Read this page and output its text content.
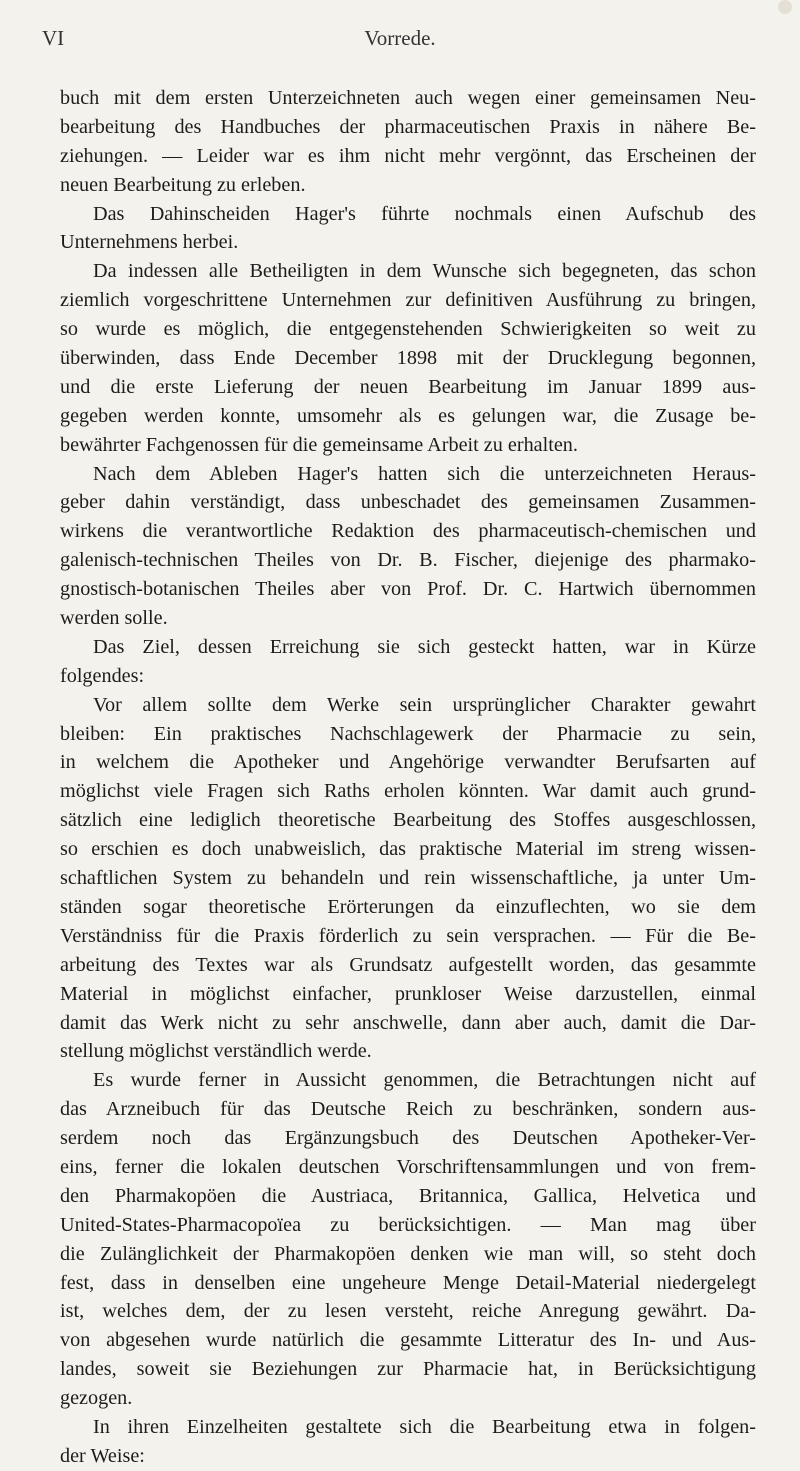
VI	Vorrede.
buch mit dem ersten Unterzeichneten auch wegen einer gemeinsamen Neu-
bearbeitung des Handbuches der pharmaceutischen Praxis in nähere Be-
ziehungen. — Leider war es ihm nicht mehr vergönnt, das Erscheinen der
neuen Bearbeitung zu erleben.
Das Dahinscheiden Hager's führte nochmals einen Aufschub des
Unternehmens herbei.
Da indessen alle Betheiligten in dem Wunsche sich begegneten, das schon
ziemlich vorgeschrittene Unternehmen zur definitiven Ausführung zu bringen,
so wurde es möglich, die entgegenstehenden Schwierigkeiten so weit zu
überwinden, dass Ende December 1898 mit der Drucklegung begonnen,
und die erste Lieferung der neuen Bearbeitung im Januar 1899 aus-
gegeben werden konnte, umsomehr als es gelungen war, die Zusage be-
bewährter Fachgenossen für die gemeinsame Arbeit zu erhalten.
Nach dem Ableben Hager's hatten sich die unterzeichneten Heraus-
geber dahin verständigt, dass unbeschadet des gemeinsamen Zusammen-
wirkens die verantwortliche Redaktion des pharmaceutisch-chemischen und
galenisch-technischen Theiles von Dr. B. Fischer, diejenige des pharmako-
gnostisch-botanischen Theiles aber von Prof. Dr. C. Hartwich übernommen
werden solle.
Das Ziel, dessen Erreichung sie sich gesteckt hatten, war in Kürze
folgendes:
Vor allem sollte dem Werke sein ursprünglicher Charakter gewahrt
bleiben: Ein praktisches Nachschlagewerk der Pharmacie zu sein,
in welchem die Apotheker und Angehörige verwandter Berufsarten auf
möglichst viele Fragen sich Raths erholen könnten. War damit auch grund-
sätzlich eine lediglich theoretische Bearbeitung des Stoffes ausgeschlossen,
so erschien es doch unabweislich, das praktische Material im streng wissen-
schaftlichen System zu behandeln und rein wissenschaftliche, ja unter Um-
ständen sogar theoretische Erörterungen da einzuflechten, wo sie dem
Verständniss für die Praxis förderlich zu sein versprachen. — Für die Be-
arbeitung des Textes war als Grundsatz aufgestellt worden, das gesammte
Material in möglichst einfacher, prunkloser Weise darzustellen, einmal
damit das Werk nicht zu sehr anschwelle, dann aber auch, damit die Dar-
stellung möglichst verständlich werde.
Es wurde ferner in Aussicht genommen, die Betrachtungen nicht auf
das Arzneibuch für das Deutsche Reich zu beschränken, sondern aus-
serdem noch das Ergänzungsbuch des Deutschen Apotheker-Ver-
eins, ferner die lokalen deutschen Vorschriftensammlungen und von frem-
den Pharmakopöen die Austriaca, Britannica, Gallica, Helvetica und
United-States-Pharmacopoïea zu berücksichtigen. — Man mag über
die Zulänglichkeit der Pharmakopöen denken wie man will, so steht doch
fest, dass in denselben eine ungeheure Menge Detail-Material niedergelegt
ist, welches dem, der zu lesen versteht, reiche Anregung gewährt. Da-
von abgesehen wurde natürlich die gesammte Litteratur des In- und Aus-
landes, soweit sie Beziehungen zur Pharmacie hat, in Berücksichtigung
gezogen.
In ihren Einzelheiten gestaltete sich die Bearbeitung etwa in folgen-
der Weise:
